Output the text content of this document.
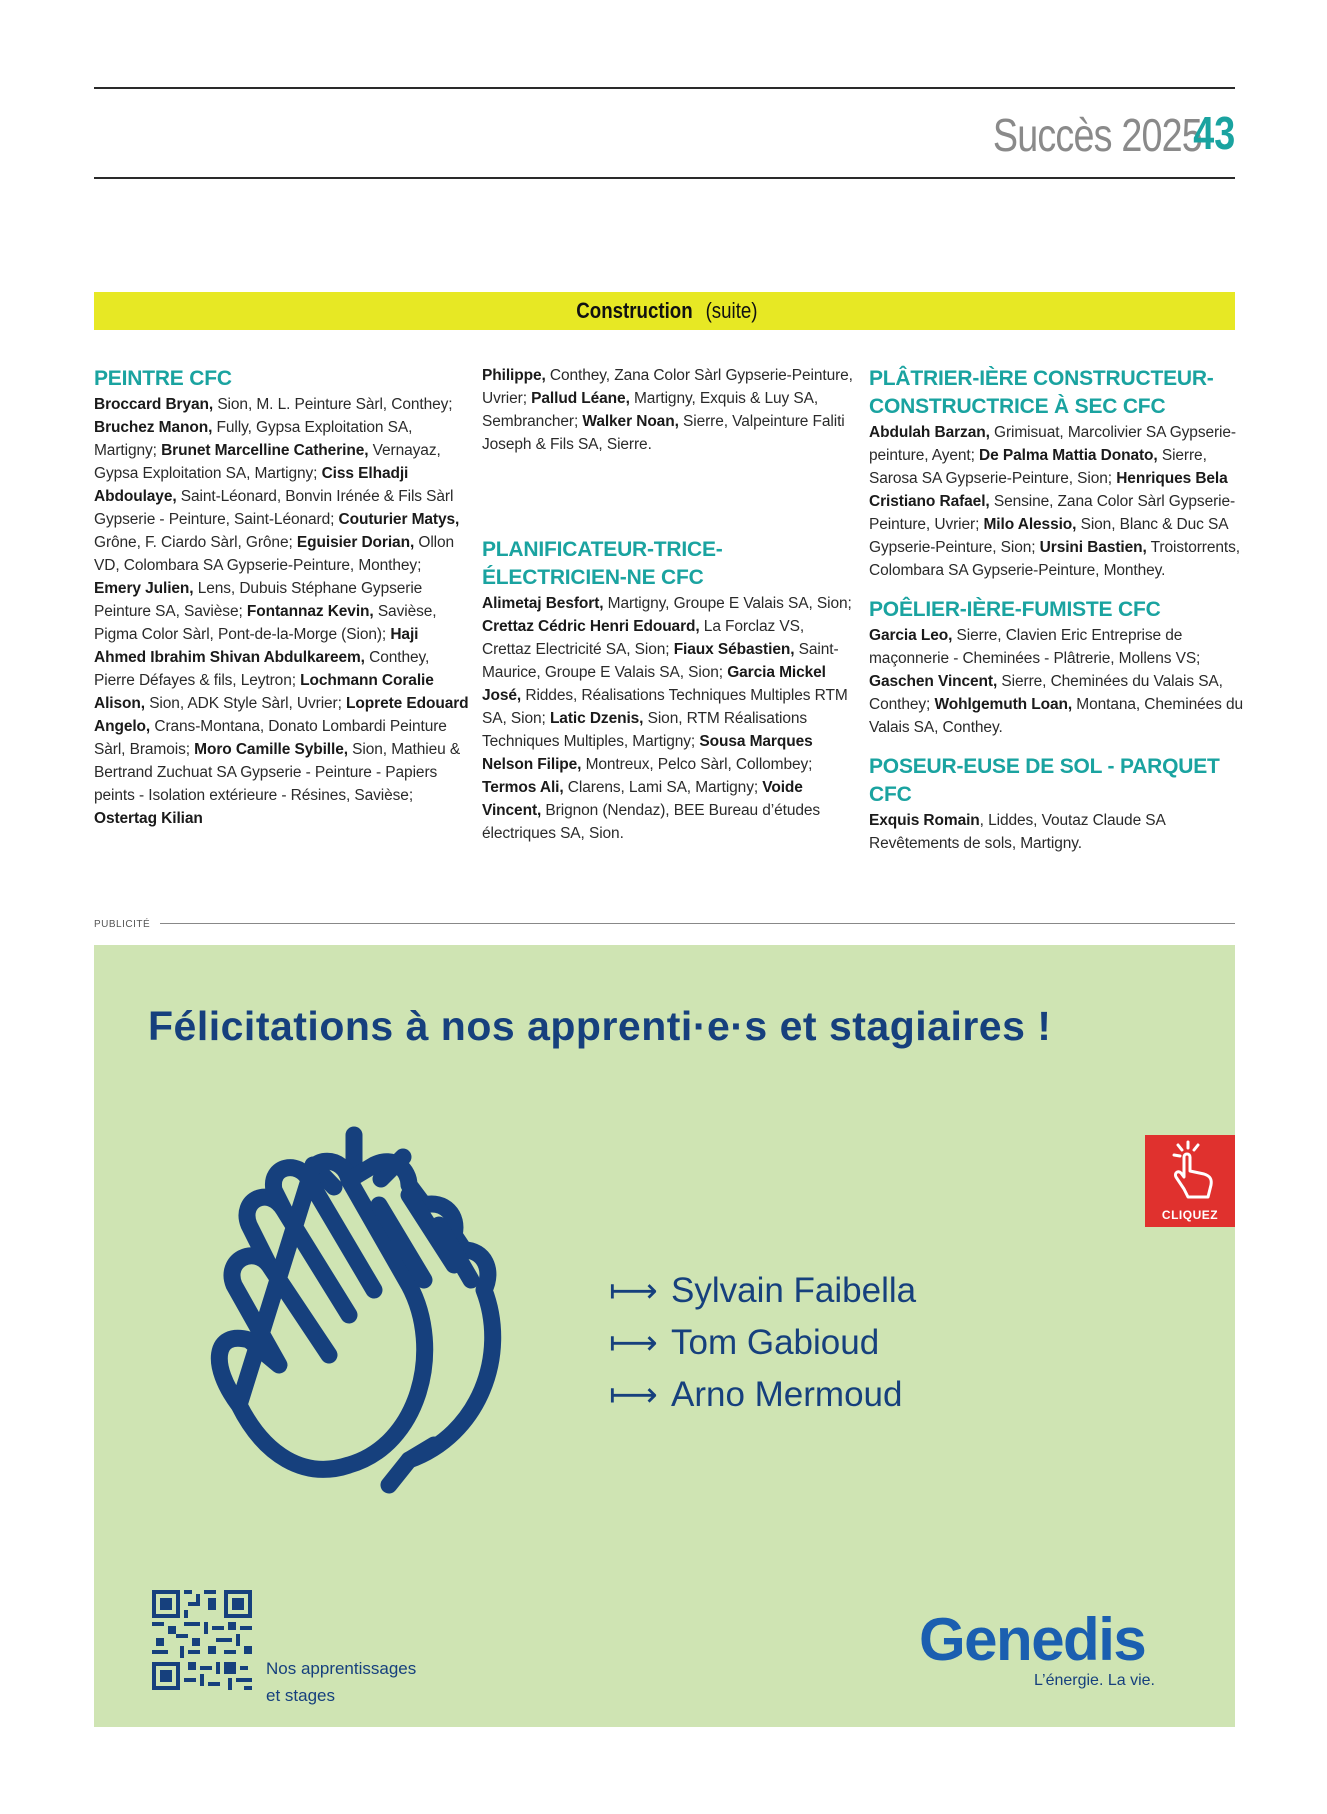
Succès 2025
43
Construction (suite)

PEINTRE CFC

Broccard Bryan, Sion, M. L. Peinture Sàrl, Conthey; Bruchez Manon, Fully, Gypsa Exploitation SA, Martigny; Brunet Marcelline Catherine, Vernayaz, Gypsa Exploitation SA, Martigny; Ciss Elhadji Abdoulaye, Saint-Léonard, Bonvin Irénée & Fils Sàrl Gypserie - Peinture, Saint-Léonard; Couturier Matys, Grône, F. Ciardo Sàrl, Grône; Eguisier Dorian, Ollon VD, Colombara SA Gypserie-Peinture, Monthey; Emery Julien, Lens, Dubuis Stéphane Gypserie Peinture SA, Savièse; Fontannaz Kevin, Savièse, Pigma Color Sàrl, Pont-de-la-Morge (Sion); Haji Ahmed Ibrahim Shivan Abdulkareem, Conthey, Pierre Défayes & fils, Leytron; Lochmann Coralie Alison, Sion, ADK Style Sàrl, Uvrier; Loprete Edouard Angelo, Crans-Montana, Donato Lombardi Peinture Sàrl, Bramois; Moro Camille Sybille, Sion, Mathieu & Bertrand Zuchuat SA Gypserie - Peinture - Papiers peints - Isolation extérieure - Résines, Savièse; Ostertag Kilian

Philippe, Conthey, Zana Color Sàrl Gypserie-Peinture, Uvrier; Pallud Léane, Martigny, Exquis & Luy SA, Sembrancher; Walker Noan, Sierre, Valpeinture Faliti Joseph & Fils SA, Sierre.

PLANIFICATEUR-TRICE-ÉLECTRICIEN-NE CFC

Alimetaj Besfort, Martigny, Groupe E Valais SA, Sion; Crettaz Cédric Henri Edouard, La Forclaz VS, Crettaz Electricité SA, Sion; Fiaux Sébastien, Saint-Maurice, Groupe E Valais SA, Sion; Garcia Mickel José, Riddes, Réalisations Techniques Multiples RTM SA, Sion; Latic Dzenis, Sion, RTM Réalisations Techniques Multiples, Martigny; Sousa Marques Nelson Filipe, Montreux, Pelco Sàrl, Collombey; Termos Ali, Clarens, Lami SA, Martigny; Voide Vincent, Brignon (Nendaz), BEE Bureau d’études électriques SA, Sion.

PLÂTRIER-IÈRE CONSTRUCTEUR-CONSTRUCTRICE À SEC CFC

Abdulah Barzan, Grimisuat, Marcolivier SA Gypserie-peinture, Ayent; De Palma Mattia Donato, Sierre, Sarosa SA Gypserie-Peinture, Sion; Henriques Bela Cristiano Rafael, Sensine, Zana Color Sàrl Gypserie-Peinture, Uvrier; Milo Alessio, Sion, Blanc & Duc SA Gypserie-Peinture, Sion; Ursini Bastien, Troistorrents, Colombara SA Gypserie-Peinture, Monthey.

POÊLIER-IÈRE-FUMISTE CFC

Garcia Leo, Sierre, Clavien Eric Entreprise de maçonnerie - Cheminées - Plâtrerie, Mollens VS; Gaschen Vincent, Sierre, Cheminées du Valais SA, Conthey; Wohlgemuth Loan, Montana, Cheminées du Valais SA, Conthey.

POSEUR-EUSE DE SOL - PARQUET CFC

Exquis Romain, Liddes, Voutaz Claude SA Revêtements de sols, Martigny.

PUBLICITÉ
Félicitations à nos apprenti·e·s et stagiaires !
⟼ Sylvain Faibella
⟼ Tom Gabioud
⟼ Arno Mermoud
CLIQUEZ
Nos apprentissages
et stages
Genedis
L’énergie. La vie.
